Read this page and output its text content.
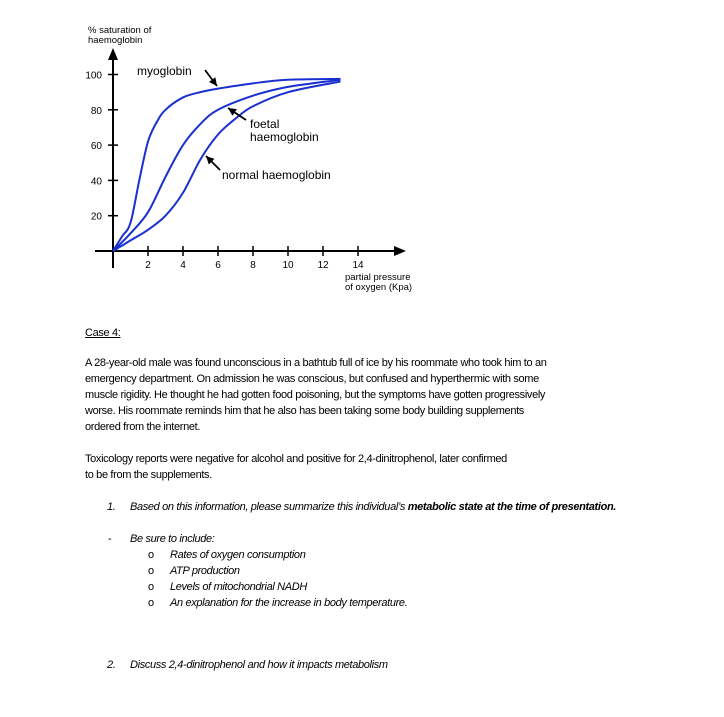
2	4	6	8	10 12 14
20
40
60
80
100
% saturation of
haemoglobin
partial pressure
of oxygen (Kpa)
myoglobin
foetal
haemoglobin
normal haemoglobin
Case 4:
A 28-year-old male was found unconscious in a bathtub full of ice by his roommate who took him to an
emergency department. On admission he was conscious, but confused and hyperthermic with some
muscle rigidity. He thought he had gotten food poisoning, but the symptoms have gotten progressively
worse. His roommate reminds him that he also has been taking some body building supplements
ordered from the internet.
Toxicology reports were negative for alcohol and positive for 2,4-dinitrophenol, later confirmed
to be from the supplements.
1. Based on this information, please summarize this individual’s metabolic state at the time of presentation.
- Be sure to include:
o Rates of oxygen consumption
o ATP production
o Levels of mitochondrial NADH
o An explanation for the increase in body temperature.
2. Discuss 2,4-dinitrophenol and how it impacts metabolism
